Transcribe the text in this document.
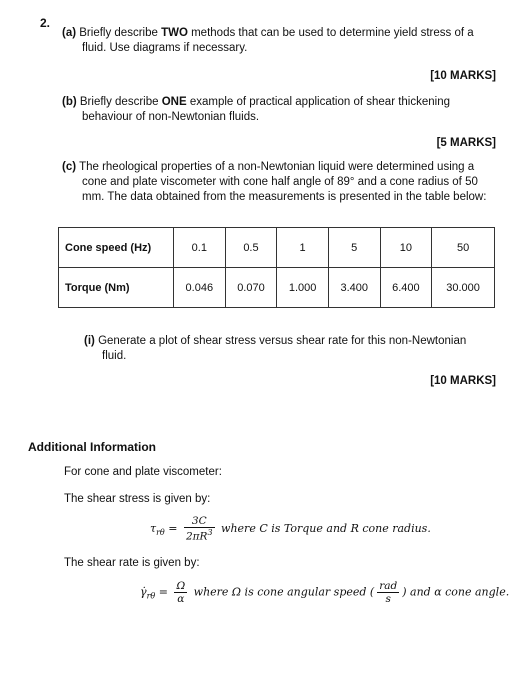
2.
(a) Briefly describe TWO methods that can be used to determine yield stress of a
fluid. Use diagrams if necessary.
[10 MARKS]
(b) Briefly describe ONE example of practical application of shear thickening
behaviour of non-Newtonian fluids.
[5 MARKS]
(c) The rheological properties of a non-Newtonian liquid were determined using a
cone and plate viscometer with cone half angle of 89° and a cone radius of 50
mm. The data obtained from the measurements is presented in the table below:
Cone speed (Hz)	0.1	0.5	1	5	10	50
Torque (Nm)	0.046	0.070	1.000	3.400	6.400	30.000
(i) Generate a plot of shear stress versus shear rate for this non-Newtonian
fluid.
[10 MARKS]
Additional Information
For cone and plate viscometer:
The shear stress is given by:
$\tau_{r\theta} = \frac{3C}{2\pi R^3}$ where C is Torque and R cone radius.
The shear rate is given by:
$\gammȧ_{r\theta} = \frac{\Omega}{\alpha}$ where Ω is cone angular speed ( $\frac{\text{rad}}{s}$ ) and α cone angle.
